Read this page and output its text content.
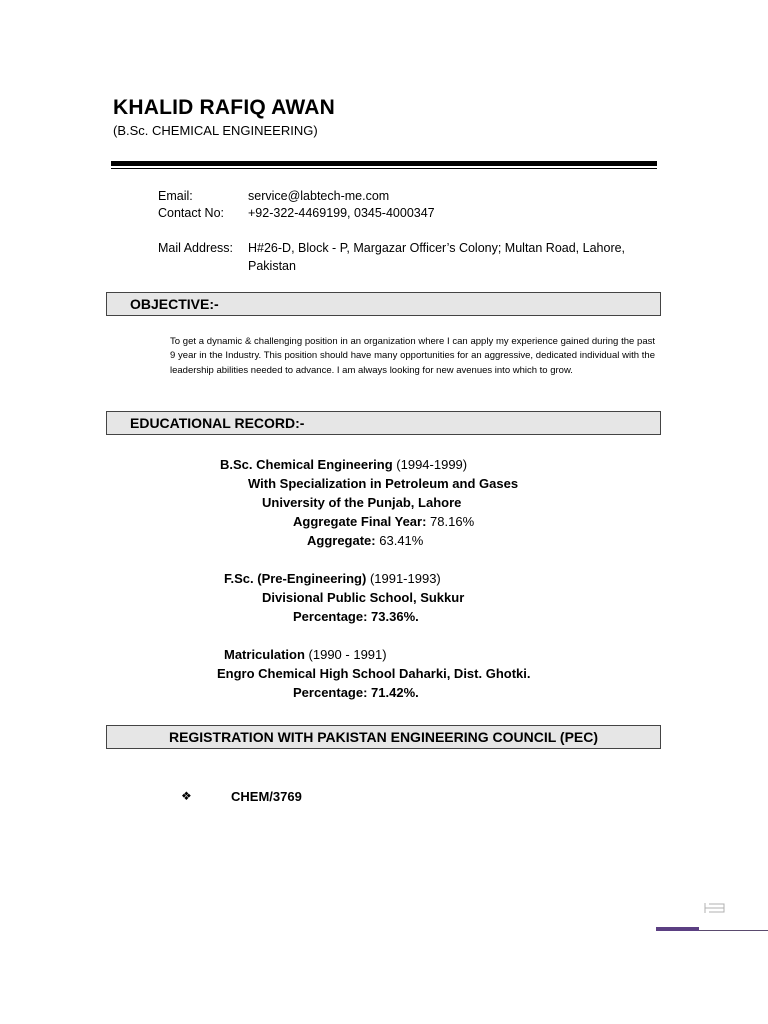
KHALID RAFIQ AWAN
(B.Sc. CHEMICAL ENGINEERING)
Email:	service@labtech-me.com
Contact No: +92-322-4469199, 0345-4000347
Mail Address: H#26-D, Block - P, Margazar Officer’s Colony; Multan Road, Lahore,
Pakistan
OBJECTIVE:-
To get a dynamic & challenging position in an organization where I can apply my experience gained during the past 9 year in the Industry. This position should have many opportunities for an aggressive, dedicated individual with the leadership abilities needed to advance. I am always looking for new avenues into which to grow.
EDUCATIONAL RECORD:-
B.Sc. Chemical Engineering (1994-1999)
With Specialization in Petroleum and Gases
University of the Punjab, Lahore
Aggregate Final Year: 78.16%
Aggregate: 63.41%
F.Sc. (Pre-Engineering) (1991-1993)
Divisional Public School, Sukkur
Percentage: 73.36%.
Matriculation (1990 - 1991)
Engro Chemical High School Daharki, Dist. Ghotki.
Percentage: 71.42%.
REGISTRATION WITH PAKISTAN ENGINEERING COUNCIL (PEC)
❖	CHEM/3769
